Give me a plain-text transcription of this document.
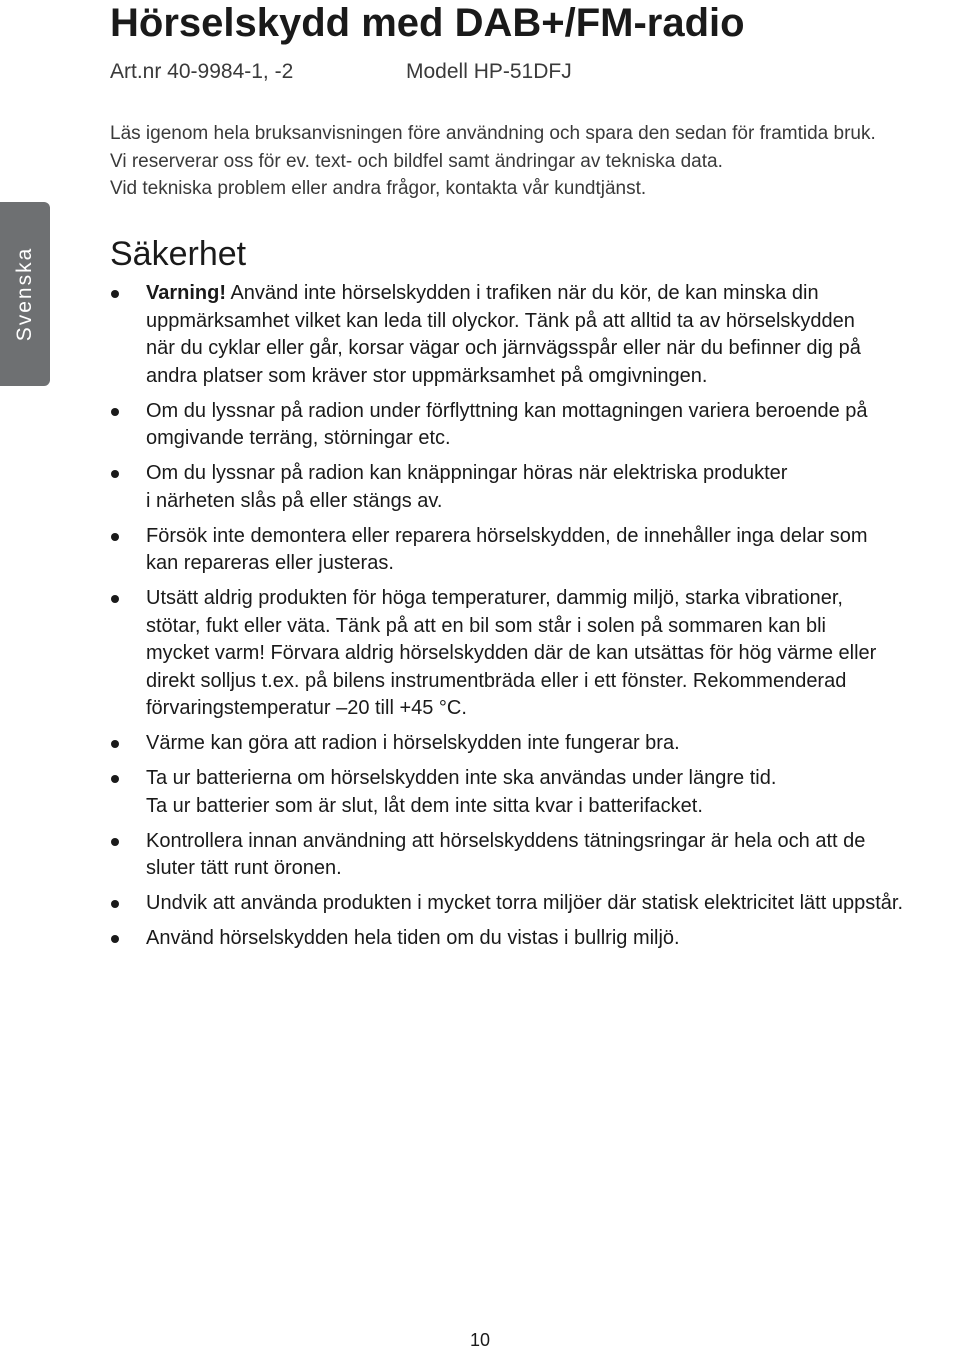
Hörselskydd med DAB+/FM-radio
Art.nr 40-9984-1, -2	Modell HP-51DFJ
Läs igenom hela bruksanvisningen före användning och spara den sedan för framtida bruk.
Vi reserverar oss för ev. text- och bildfel samt ändringar av tekniska data.
Vid tekniska problem eller andra frågor, kontakta vår kundtjänst.
Svenska Säkerhet
Varning! Använd inte hörselskydden i trafiken när du kör, de kan minska din
uppmärksamhet vilket kan leda till olyckor. Tänk på att alltid ta av hörselskydden
när du cyklar eller går, korsar vägar och järnvägsspår eller när du befinner dig på
andra platser som kräver stor uppmärksamhet på omgivningen.
Om du lyssnar på radion under förflyttning kan mottagningen variera beroende på
omgivande terräng, störningar etc.
Om du lyssnar på radion kan knäppningar höras när elektriska produkter
i närheten slås på eller stängs av.
Försök inte demontera eller reparera hörselskydden, de innehåller inga delar som
kan repareras eller justeras.
Utsätt aldrig produkten för höga temperaturer, dammig miljö, starka vibrationer,
stötar, fukt eller väta. Tänk på att en bil som står i solen på sommaren kan bli
mycket varm! Förvara aldrig hörselskydden där de kan utsättas för hög värme eller
direkt solljus t.ex. på bilens instrumentbräda eller i ett fönster. Rekommenderad
förvaringstemperatur –20 till +45 °C.
Värme kan göra att radion i hörselskydden inte fungerar bra.
Ta ur batterierna om hörselskydden inte ska användas under längre tid.
Ta ur batterier som är slut, låt dem inte sitta kvar i batterifacket.
Kontrollera innan användning att hörselskyddens tätningsringar är hela och att de
sluter tätt runt öronen.
Undvik att använda produkten i mycket torra miljöer där statisk elektricitet lätt uppstår.
Använd hörselskydden hela tiden om du vistas i bullrig miljö.
10
